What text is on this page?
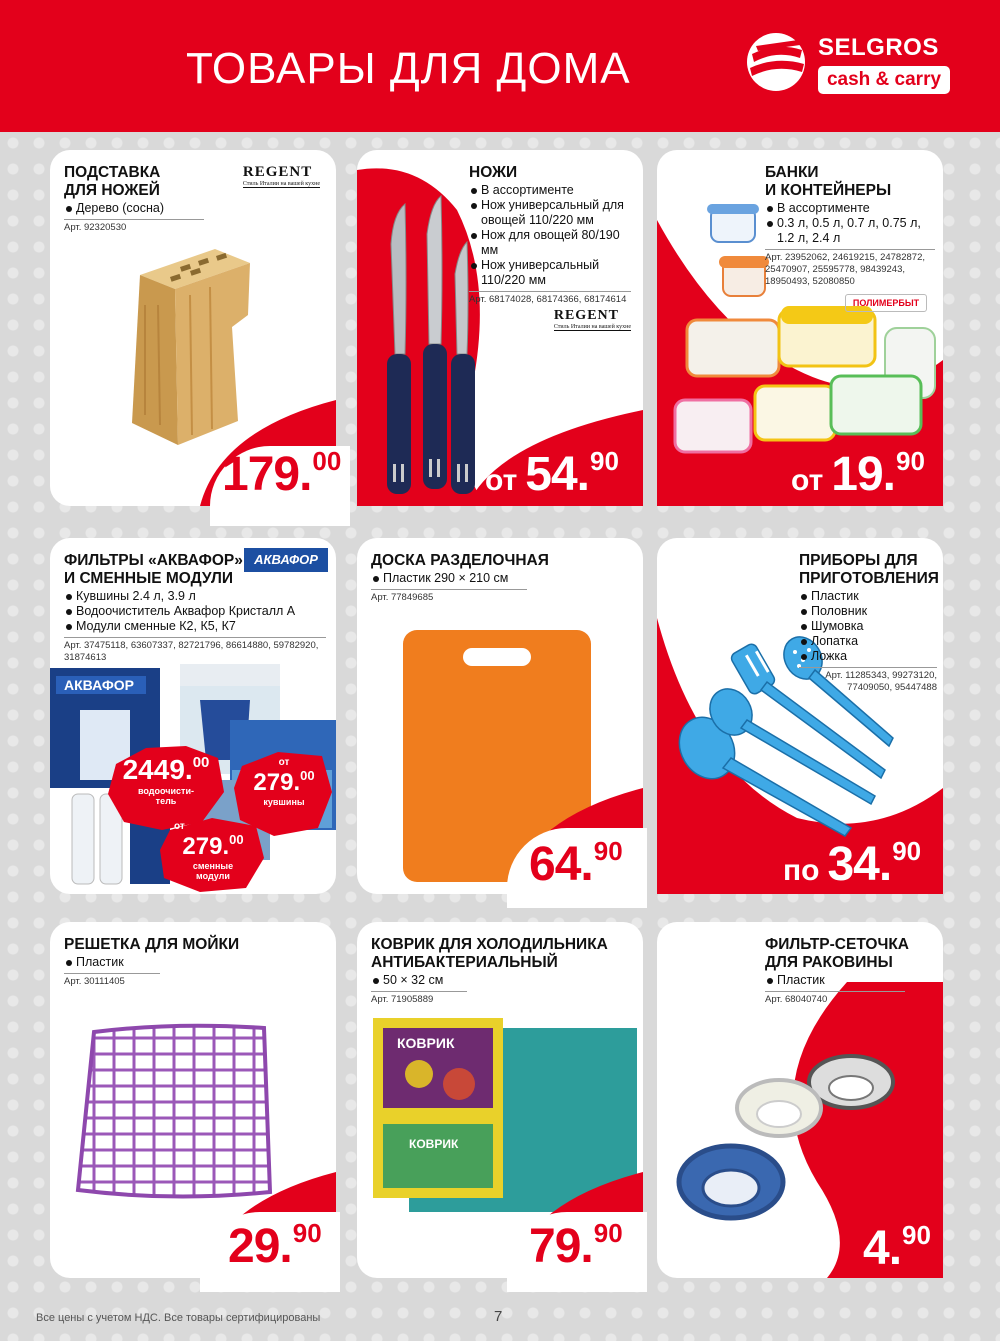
ТОВАРЫ ДЛЯ ДОМА	SELGROS
cash & carry
ПОДСТАВКА
ДЛЯ НОЖЕЙ
Дерево (сосна)
Арт. 92320530
REGENT
Стиль Италии на вашей кухне
179.00
НОЖИ
В ассортименте
Нож универсальный для овощей 110/220 мм
Нож для овощей 80/190 мм
Нож универсальный 110/220 мм
Арт. 68174028, 68174366, 68174614
REGENT
Стиль Италии на вашей кухне
от 54.90
БАНКИ
И КОНТЕЙНЕРЫ
В ассортименте
0.3 л, 0.5 л, 0.7 л, 0.75 л, 1.2 л, 2.4 л
Арт. 23952062, 24619215, 24782872, 25470907, 25595778, 98439243, 18950493, 52080850
ПОЛИМЕРБЫТ
от 19.90
ФИЛЬТРЫ «АКВАФОР»
И СМЕННЫЕ МОДУЛИ
Кувшины 2.4 л, 3.9 л
Водоочиститель Аквафор Кристалл А
Модули сменные К2, К5, К7
Арт. 37475118, 63607337, 82721796, 86614880, 59782920, 31874613
АКВАФОР
АКВАФОР
2449.00
водоочисти-тель
от
279.00
кувшины
от
279.00
сменные модули
ДОСКА РАЗДЕЛОЧНАЯ
Пластик 290 × 210 см
Арт. 77849685
64.90
ПРИБОРЫ ДЛЯ
ПРИГОТОВЛЕНИЯ
Пластик
Половник
Шумовка
Лопатка
Ложка
Арт. 11285343, 99273120, 77409050, 95447488
по 34.90
РЕШЕТКА ДЛЯ МОЙКИ
Пластик
Арт. 30111405
29.90
КОВРИК ДЛЯ ХОЛОДИЛЬНИКА
АНТИБАКТЕРИАЛЬНЫЙ
50 × 32 см
Арт. 71905889
КОВРИК
КОВРИК
79.90
ФИЛЬТР-СЕТОЧКА
ДЛЯ РАКОВИНЫ
Пластик
Арт. 68040740
4.90
Все цены с учетом НДС. Все товары сертифицированы	7
